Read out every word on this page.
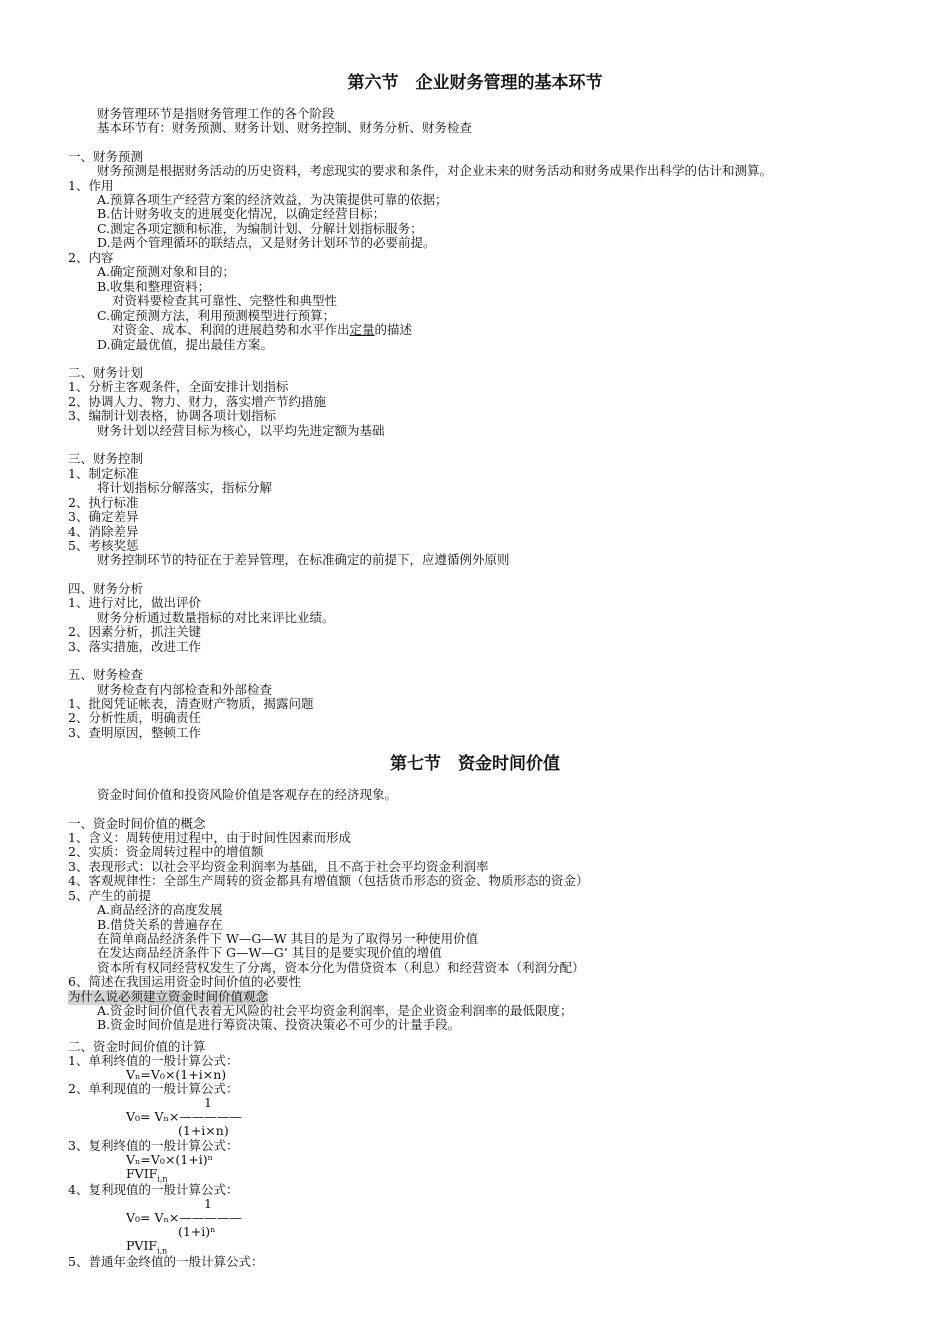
第六节　企业财务管理的基本环节
财务管理环节是指财务管理工作的各个阶段
基本环节有：财务预测、财务计划、财务控制、财务分析、财务检查
一、财务预测
财务预测是根据财务活动的历史资料，考虑现实的要求和条件，对企业未来的财务活动和财务成果作出科学的估计和测算。
1、作用
A.预算各项生产经营方案的经济效益，为决策提供可靠的依据；
B.估计财务收支的进展变化情况，以确定经营目标；
C.测定各项定额和标准，为编制计划、分解计划指标服务；
D.是两个管理循环的联结点，又是财务计划环节的必要前提。
2、内容
A.确定预测对象和目的；
B.收集和整理资料；
对资料要检查其可靠性、完整性和典型性
C.确定预测方法，利用预测模型进行预算；
对资金、成本、利润的进展趋势和水平作出定量的描述
D.确定最优值，提出最佳方案。
二、财务计划
1、分析主客观条件，全面安排计划指标
2、协调人力、物力、财力，落实增产节约措施
3、编制计划表格，协调各项计划指标
财务计划以经营目标为核心，以平均先进定额为基础
三、财务控制
1、制定标准
将计划指标分解落实，指标分解
2、执行标准
3、确定差异
4、消除差异
5、考核奖惩
财务控制环节的特征在于差异管理，在标准确定的前提下，应遵循例外原则
四、财务分析
1、进行对比，做出评价
财务分析通过数量指标的对比来评比业绩。
2、因素分析，抓注关键
3、落实措施，改进工作
五、财务检查
财务检查有内部检查和外部检查
1、批阅凭证帐表，清查财产物质，揭露问题
2、分析性质，明确责任
3、查明原因，整顿工作
第七节　资金时间价值
资金时间价值和投资风险价值是客观存在的经济现象。
一、资金时间价值的概念
1、含义：周转使用过程中，由于时间性因素而形成
2、实质：资金周转过程中的增值额
3、表现形式：以社会平均资金利润率为基础，且不高于社会平均资金利润率
4、客观规律性：全部生产周转的资金都具有增值额（包括货币形态的资金、物质形态的资金）
5、产生的前提
A.商品经济的高度发展
B.借贷关系的普遍存在
在简单商品经济条件下 W—G—W 其目的是为了取得另一种使用价值
在发达商品经济条件下 G—W—G’ 其目的是要实现价值的增值
资本所有权同经营权发生了分离，资本分化为借贷资本（利息）和经营资本（利润分配）
6、简述在我国运用资金时间价值的必要性
为什么说必须建立资金时间价值观念
A.资金时间价值代表着无风险的社会平均资金利润率，是企业资金利润率的最低限度；
B.资金时间价值是进行筹资决策、投资决策必不可少的计量手段。
二、资金时间价值的计算
1、单利终值的一般计算公式：
Vₙ=V₀×(1+i×n)
2、单利现值的一般计算公式：
1
V₀= Vₙ×—————
(1+i×n)
3、复利终值的一般计算公式：
Vₙ=V₀×(1+i)ⁿ
$FVIF_{i,n}$
4、复利现值的一般计算公式：
1
V₀= Vₙ×—————
(1+i)ⁿ
$PVIF_{i,n}$
5、普通年金终值的一般计算公式：
